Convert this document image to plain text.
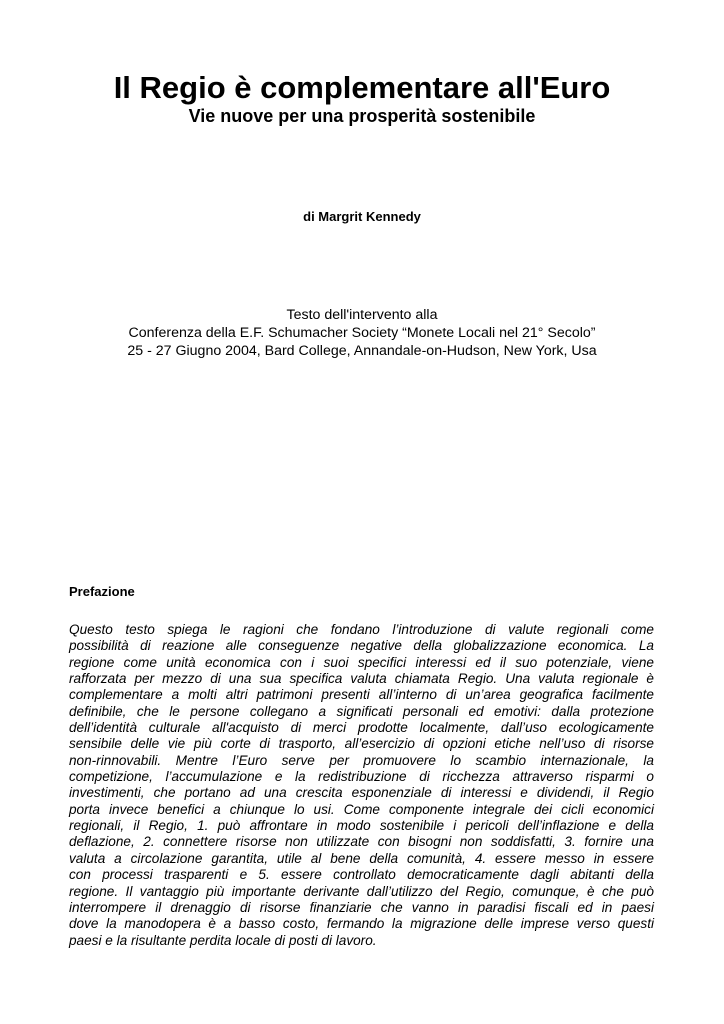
Il Regio è complementare all'Euro
Vie nuove per una prosperità sostenibile
di Margrit Kennedy
Testo dell'intervento alla
Conferenza della E.F. Schumacher Society “Monete Locali nel 21° Secolo”
25 - 27 Giugno 2004, Bard College, Annandale-on-Hudson, New York, Usa
Prefazione
Questo testo spiega le ragioni che fondano l’introduzione di valute regionali come
possibilità di reazione alle conseguenze negative della globalizzazione economica. La
regione come unità economica con i suoi specifici interessi ed il suo potenziale, viene
rafforzata per mezzo di una sua specifica valuta chiamata Regio. Una valuta regionale è
complementare a molti altri patrimoni presenti all’interno di un’area geografica facilmente
definibile, che le persone collegano a significati personali ed emotivi: dalla protezione
dell’identità culturale all'acquisto di merci prodotte localmente, dall’uso ecologicamente
sensibile delle vie più corte di trasporto, all’esercizio di opzioni etiche nell’uso di risorse
non-rinnovabili. Mentre l’Euro serve per promuovere lo scambio internazionale, la
competizione, l’accumulazione e la redistribuzione di ricchezza attraverso risparmi o
investimenti, che portano ad una crescita esponenziale di interessi e dividendi, il Regio
porta invece benefici a chiunque lo usi. Come componente integrale dei cicli economici
regionali, il Regio, 1. può affrontare in modo sostenibile i pericoli dell’inflazione e della
deflazione, 2. connettere risorse non utilizzate con bisogni non soddisfatti, 3. fornire una
valuta a circolazione garantita, utile al bene della comunità, 4. essere messo in essere
con processi trasparenti e 5. essere controllato democraticamente dagli abitanti della
regione. Il vantaggio più importante derivante dall’utilizzo del Regio, comunque, è che può
interrompere il drenaggio di risorse finanziarie che vanno in paradisi fiscali ed in paesi
dove la manodopera è a basso costo, fermando la migrazione delle imprese verso questi
paesi e la risultante perdita locale di posti di lavoro.
